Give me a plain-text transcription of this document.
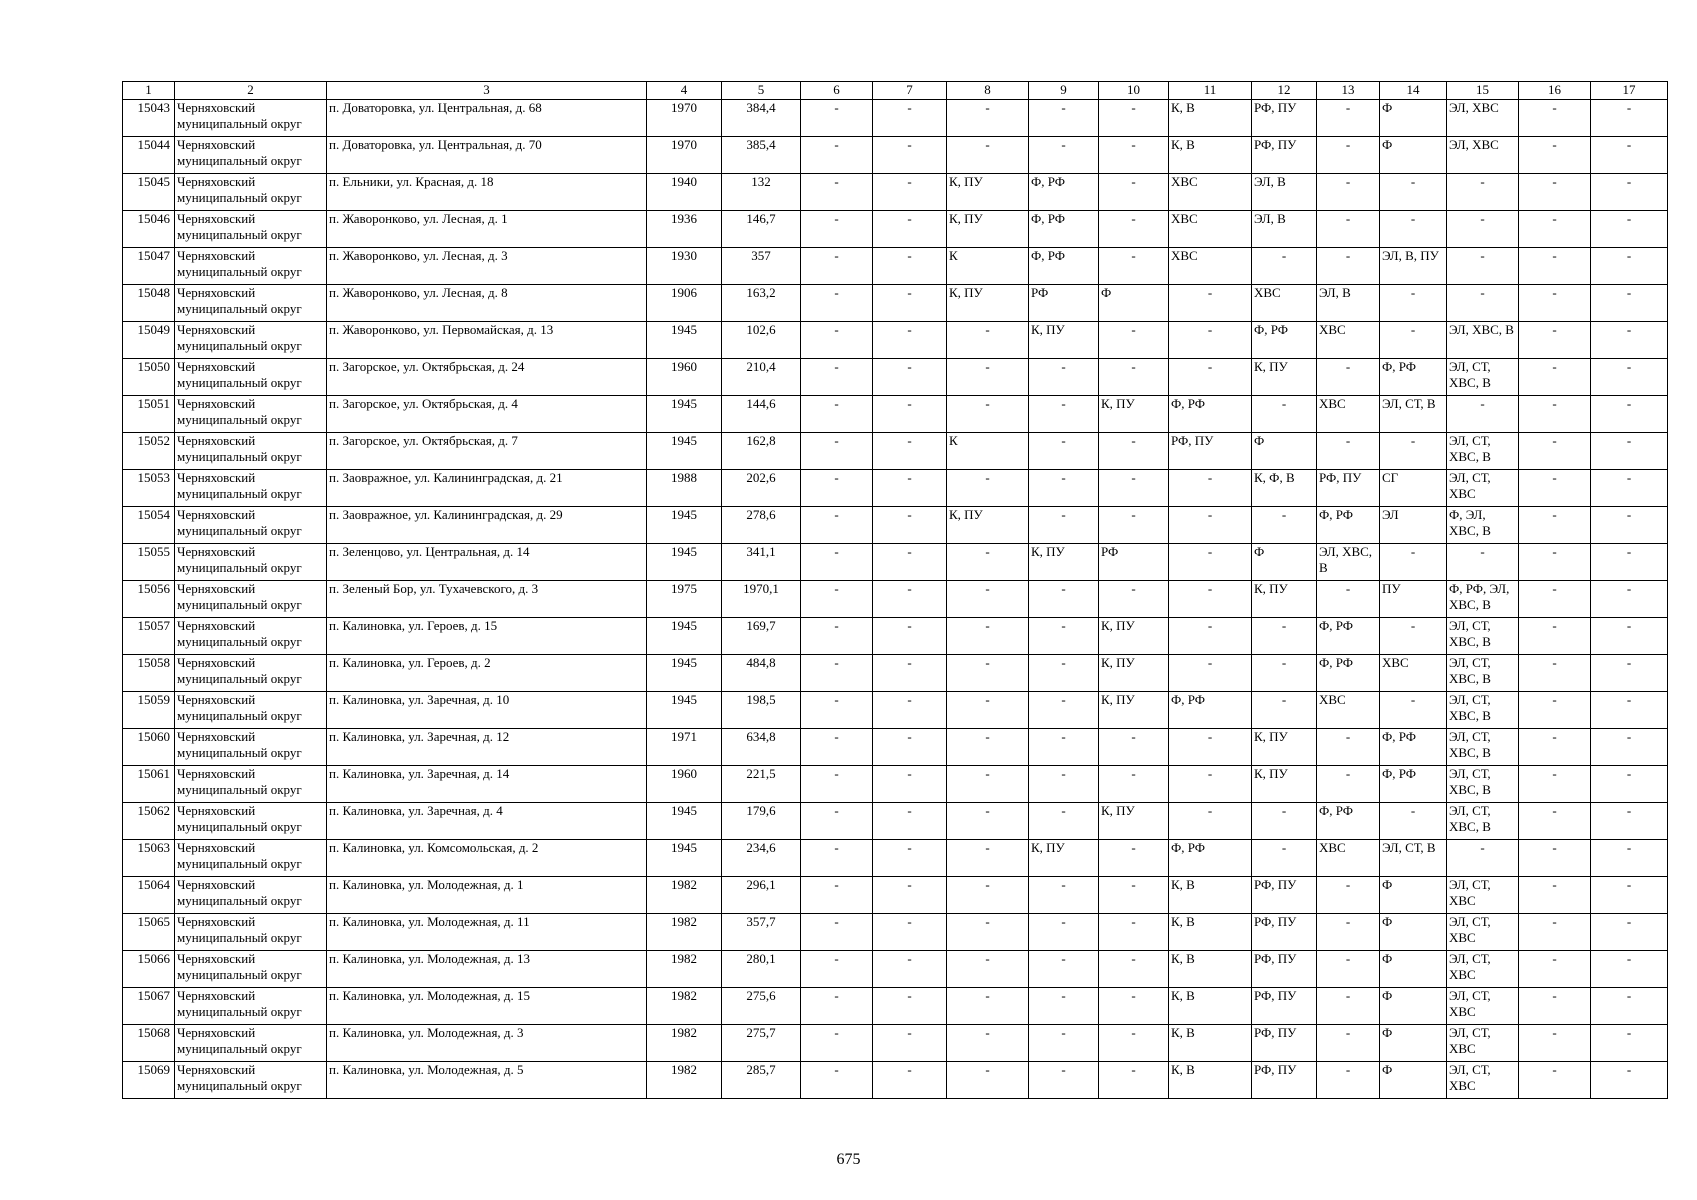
1	2	3	4	5	6	7	8	9	10	11	12	13	14	15	16	17
15043	Черняховский муниципальный округ	п. Доваторовка, ул. Центральная, д. 68	1970	384,4	-	-	-	-	-	К, В	РФ, ПУ	-	Ф	ЭЛ, ХВС	-	-
15044	Черняховский муниципальный округ	п. Доваторовка, ул. Центральная, д. 70	1970	385,4	-	-	-	-	-	К, В	РФ, ПУ	-	Ф	ЭЛ, ХВС	-	-
15045	Черняховский муниципальный округ	п. Ельники, ул. Красная, д. 18	1940	132	-	-	К, ПУ	Ф, РФ	-	ХВС	ЭЛ, В	-	-	-	-	-
15046	Черняховский муниципальный округ	п. Жаворонково, ул. Лесная, д. 1	1936	146,7	-	-	К, ПУ	Ф, РФ	-	ХВС	ЭЛ, В	-	-	-	-	-
15047	Черняховский муниципальный округ	п. Жаворонково, ул. Лесная, д. 3	1930	357	-	-	К	Ф, РФ	-	ХВС	-	-	ЭЛ, В, ПУ	-	-	-
15048	Черняховский муниципальный округ	п. Жаворонково, ул. Лесная, д. 8	1906	163,2	-	-	К, ПУ	РФ	Ф	-	ХВС	ЭЛ, В	-	-	-	-
15049	Черняховский муниципальный округ	п. Жаворонково, ул. Первомайская, д. 13	1945	102,6	-	-	-	К, ПУ	-	-	Ф, РФ	ХВС	-	ЭЛ, ХВС, В	-	-
15050	Черняховский муниципальный округ	п. Загорское, ул. Октябрьская, д. 24	1960	210,4	-	-	-	-	-	-	К, ПУ	-	Ф, РФ	ЭЛ, СТ, ХВС, В	-	-
15051	Черняховский муниципальный округ	п. Загорское, ул. Октябрьская, д. 4	1945	144,6	-	-	-	-	К, ПУ	Ф, РФ	-	ХВС	ЭЛ, СТ, В	-	-	-
15052	Черняховский муниципальный округ	п. Загорское, ул. Октябрьская, д. 7	1945	162,8	-	-	К	-	-	РФ, ПУ	Ф	-	-	ЭЛ, СТ, ХВС, В	-	-
15053	Черняховский муниципальный округ	п. Заовражное, ул. Калининградская, д. 21	1988	202,6	-	-	-	-	-	-	К, Ф, В	РФ, ПУ	СГ	ЭЛ, СТ, ХВС	-	-
15054	Черняховский муниципальный округ	п. Заовражное, ул. Калининградская, д. 29	1945	278,6	-	-	К, ПУ	-	-	-	-	Ф, РФ	ЭЛ	Ф, ЭЛ, ХВС, В	-	-
15055	Черняховский муниципальный округ	п. Зеленцово, ул. Центральная, д. 14	1945	341,1	-	-	-	К, ПУ	РФ	-	Ф	ЭЛ, ХВС, В	-	-	-	-
15056	Черняховский муниципальный округ	п. Зеленый Бор, ул. Тухачевского, д. 3	1975	1970,1	-	-	-	-	-	-	К, ПУ	-	ПУ	Ф, РФ, ЭЛ, ХВС, В	-	-
15057	Черняховский муниципальный округ	п. Калиновка, ул. Героев, д. 15	1945	169,7	-	-	-	-	К, ПУ	-	-	Ф, РФ	-	ЭЛ, СТ, ХВС, В	-	-
15058	Черняховский муниципальный округ	п. Калиновка, ул. Героев, д. 2	1945	484,8	-	-	-	-	К, ПУ	-	-	Ф, РФ	ХВС	ЭЛ, СТ, ХВС, В	-	-
15059	Черняховский муниципальный округ	п. Калиновка, ул. Заречная, д. 10	1945	198,5	-	-	-	-	К, ПУ	Ф, РФ	-	ХВС	-	ЭЛ, СТ, ХВС, В	-	-
15060	Черняховский муниципальный округ	п. Калиновка, ул. Заречная, д. 12	1971	634,8	-	-	-	-	-	-	К, ПУ	-	Ф, РФ	ЭЛ, СТ, ХВС, В	-	-
15061	Черняховский муниципальный округ	п. Калиновка, ул. Заречная, д. 14	1960	221,5	-	-	-	-	-	-	К, ПУ	-	Ф, РФ	ЭЛ, СТ, ХВС, В	-	-
15062	Черняховский муниципальный округ	п. Калиновка, ул. Заречная, д. 4	1945	179,6	-	-	-	-	К, ПУ	-	-	Ф, РФ	-	ЭЛ, СТ, ХВС, В	-	-
15063	Черняховский муниципальный округ	п. Калиновка, ул. Комсомольская, д. 2	1945	234,6	-	-	-	К, ПУ	-	Ф, РФ	-	ХВС	ЭЛ, СТ, В	-	-	-
15064	Черняховский муниципальный округ	п. Калиновка, ул. Молодежная, д. 1	1982	296,1	-	-	-	-	-	К, В	РФ, ПУ	-	Ф	ЭЛ, СТ, ХВС	-	-
15065	Черняховский муниципальный округ	п. Калиновка, ул. Молодежная, д. 11	1982	357,7	-	-	-	-	-	К, В	РФ, ПУ	-	Ф	ЭЛ, СТ, ХВС	-	-
15066	Черняховский муниципальный округ	п. Калиновка, ул. Молодежная, д. 13	1982	280,1	-	-	-	-	-	К, В	РФ, ПУ	-	Ф	ЭЛ, СТ, ХВС	-	-
15067	Черняховский муниципальный округ	п. Калиновка, ул. Молодежная, д. 15	1982	275,6	-	-	-	-	-	К, В	РФ, ПУ	-	Ф	ЭЛ, СТ, ХВС	-	-
15068	Черняховский муниципальный округ	п. Калиновка, ул. Молодежная, д. 3	1982	275,7	-	-	-	-	-	К, В	РФ, ПУ	-	Ф	ЭЛ, СТ, ХВС	-	-
15069	Черняховский муниципальный округ	п. Калиновка, ул. Молодежная, д. 5	1982	285,7	-	-	-	-	-	К, В	РФ, ПУ	-	Ф	ЭЛ, СТ, ХВС	-	-
675
